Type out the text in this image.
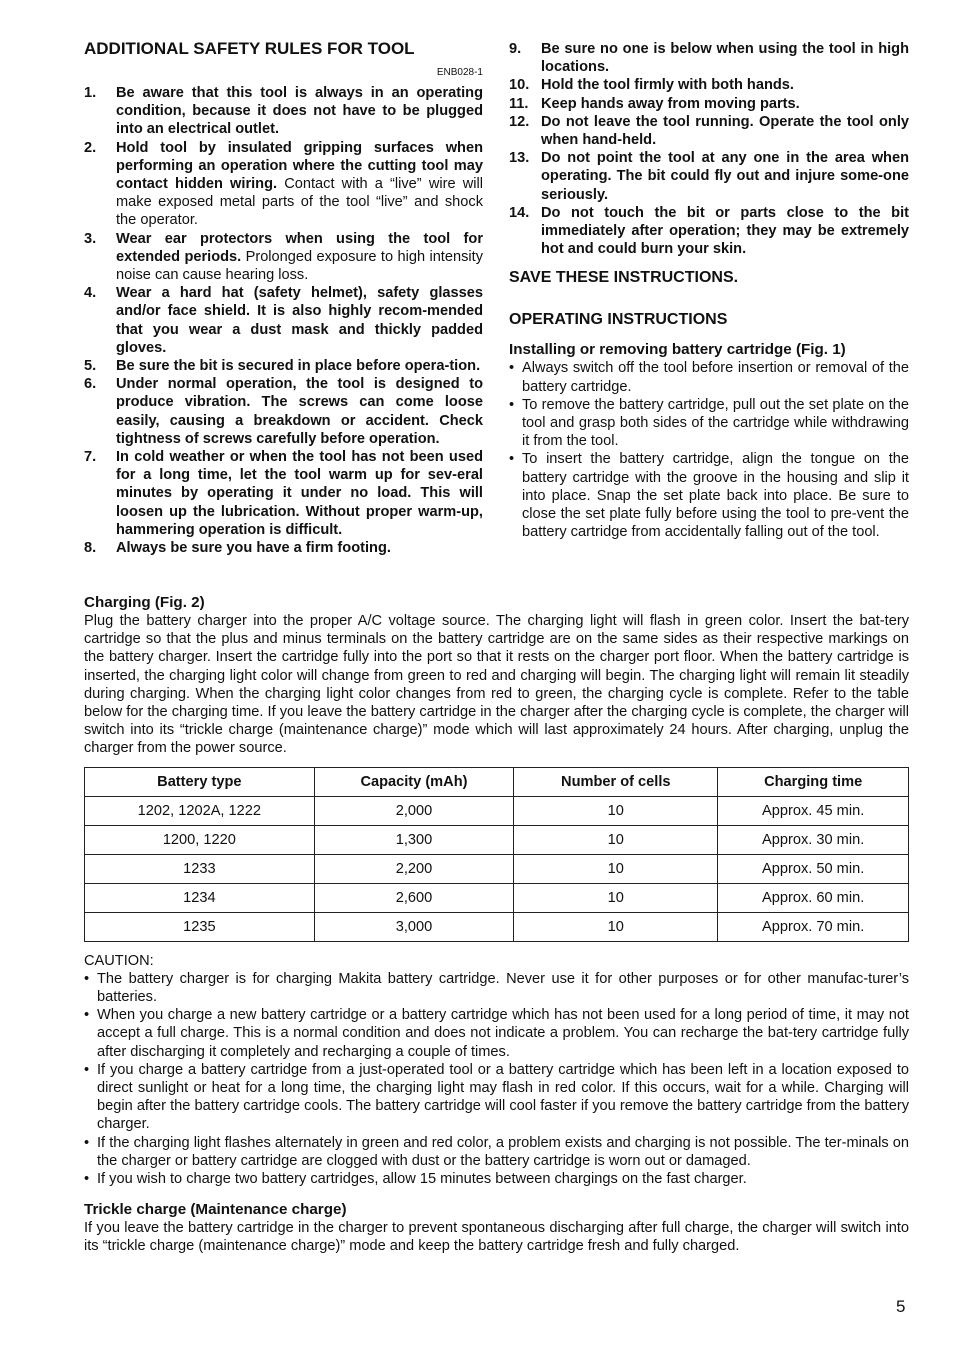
ADDITIONAL SAFETY RULES FOR TOOL
ENB028-1
1.	Be aware that this tool is always in an operating condition, because it does not have to be plugged into an electrical outlet.
2.	Hold tool by insulated gripping surfaces when performing an operation where the cutting tool may contact hidden wiring. Contact with a “live” wire will make exposed metal parts of the tool “live” and shock the operator.
3.	Wear ear protectors when using the tool for extended periods. Prolonged exposure to high intensity noise can cause hearing loss.
4.	Wear a hard hat (safety helmet), safety glasses and/or face shield. It is also highly recom-mended that you wear a dust mask and thickly padded gloves.
5.	Be sure the bit is secured in place before opera-tion.
6.	Under normal operation, the tool is designed to produce vibration. The screws can come loose easily, causing a breakdown or accident. Check tightness of screws carefully before operation.
7.	In cold weather or when the tool has not been used for a long time, let the tool warm up for sev-eral minutes by operating it under no load. This will loosen up the lubrication. Without proper warm-up, hammering operation is difficult.
8.	Always be sure you have a firm footing.
9.	Be sure no one is below when using the tool in high locations.
10. Hold the tool firmly with both hands.
11. Keep hands away from moving parts.
12. Do not leave the tool running. Operate the tool only when hand-held.
13. Do not point the tool at any one in the area when operating. The bit could fly out and injure some-one seriously.
14. Do not touch the bit or parts close to the bit immediately after operation; they may be extremely hot and could burn your skin.
SAVE THESE INSTRUCTIONS.
OPERATING INSTRUCTIONS
Installing or removing battery cartridge (Fig. 1)
• Always switch off the tool before insertion or removal of the battery cartridge.
• To remove the battery cartridge, pull out the set plate on the tool and grasp both sides of the cartridge while withdrawing it from the tool.
• To insert the battery cartridge, align the tongue on the battery cartridge with the groove in the housing and slip it into place. Snap the set plate back into place. Be sure to close the set plate fully before using the tool to pre-vent the battery cartridge from accidentally falling out of the tool.
Charging (Fig. 2)

Plug the battery charger into the proper A/C voltage source. The charging light will flash in green color. Insert the bat-tery cartridge so that the plus and minus terminals on the battery cartridge are on the same sides as their respective markings on the battery charger. Insert the cartridge fully into the port so that it rests on the charger port floor. When the battery cartridge is inserted, the charging light color will change from green to red and charging will begin. The charging light will remain lit steadily during charging. When the charging light color changes from red to green, the charging cycle is complete. Refer to the table below for the charging time. If you leave the battery cartridge in the charger after the charging cycle is complete, the charger will switch into its “trickle charge (maintenance charge)” mode which will last approximately 24 hours. After charging, unplug the charger from the power source.

Battery type	Capacity (mAh)	Number of cells	Charging time
1202, 1202A, 1222	2,000	10	Approx. 45 min.
1200, 1220	1,300	10	Approx. 30 min.
1233	2,200	10	Approx. 50 min.
1234	2,600	10	Approx. 60 min.
1235	3,000	10	Approx. 70 min.
CAUTION:
• The battery charger is for charging Makita battery cartridge. Never use it for other purposes or for other manufac-turer’s batteries.
• When you charge a new battery cartridge or a battery cartridge which has not been used for a long period of time, it may not accept a full charge. This is a normal condition and does not indicate a problem. You can recharge the bat-tery cartridge fully after discharging it completely and recharging a couple of times.
• If you charge a battery cartridge from a just-operated tool or a battery cartridge which has been left in a location exposed to direct sunlight or heat for a long time, the charging light may flash in red color. If this occurs, wait for a while. Charging will begin after the battery cartridge cools. The battery cartridge will cool faster if you remove the battery cartridge from the battery charger.
• If the charging light flashes alternately in green and red color, a problem exists and charging is not possible. The ter-minals on the charger or battery cartridge are clogged with dust or the battery cartridge is worn out or damaged.
• If you wish to charge two battery cartridges, allow 15 minutes between chargings on the fast charger.
Trickle charge (Maintenance charge)

If you leave the battery cartridge in the charger to prevent spontaneous discharging after full charge, the charger will switch into its “trickle charge (maintenance charge)” mode and keep the battery cartridge fresh and fully charged.

5
